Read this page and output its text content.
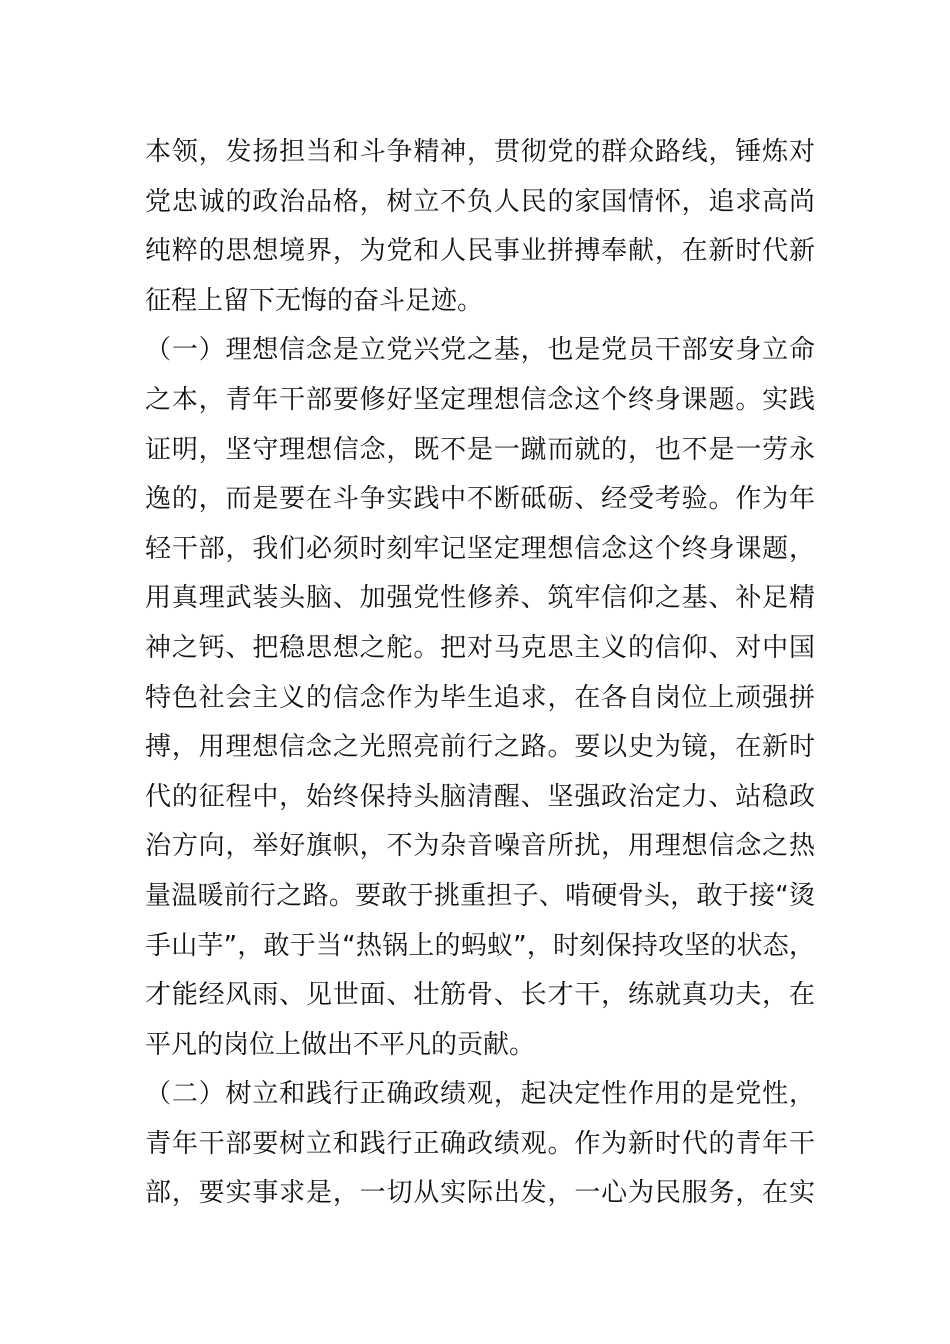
本领，发扬担当和斗争精神，贯彻党的群众路线，锤炼对
党忠诚的政治品格，树立不负人民的家国情怀，追求高尚
纯粹的思想境界，为党和人民事业拼搏奉献，在新时代新
征程上留下无悔的奋斗足迹。
（一）理想信念是立党兴党之基，也是党员干部安身立命
之本，青年干部要修好坚定理想信念这个终身课题。实践
证明，坚守理想信念，既不是一蹴而就的，也不是一劳永
逸的，而是要在斗争实践中不断砥砺、经受考验。作为年
轻干部，我们必须时刻牢记坚定理想信念这个终身课题，
用真理武装头脑、加强党性修养、筑牢信仰之基、补足精
神之钙、把稳思想之舵。把对马克思主义的信仰、对中国
特色社会主义的信念作为毕生追求，在各自岗位上顽强拼
搏，用理想信念之光照亮前行之路。要以史为镜，在新时
代的征程中，始终保持头脑清醒、坚强政治定力、站稳政
治方向，举好旗帜，不为杂音噪音所扰，用理想信念之热
量温暖前行之路。要敢于挑重担子、啃硬骨头，敢于接“烫
手山芋”，敢于当“热锅上的蚂蚁”，时刻保持攻坚的状态，
才能经风雨、见世面、壮筋骨、长才干，练就真功夫，在
平凡的岗位上做出不平凡的贡献。
（二）树立和践行正确政绩观，起决定性作用的是党性，
青年干部要树立和践行正确政绩观。作为新时代的青年干
部，要实事求是，一切从实际出发，一心为民服务，在实
